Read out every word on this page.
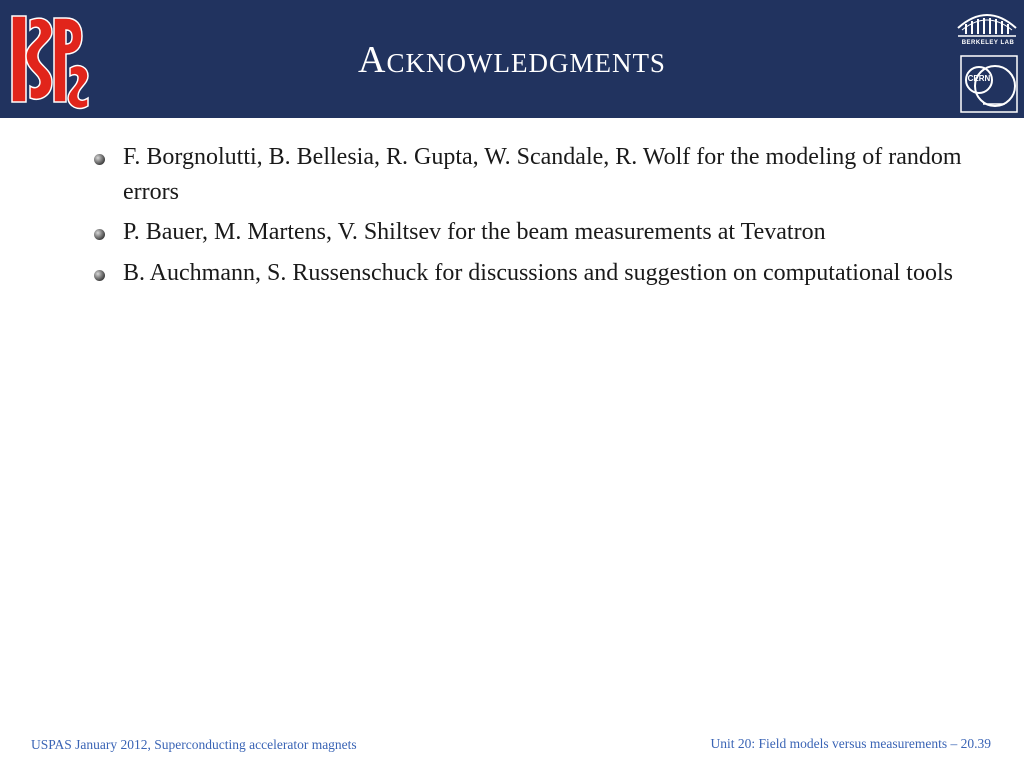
Acknowledgments	BERKELEY LAB
CERN
F. Borgnolutti, B. Bellesia, R. Gupta, W. Scandale, R. Wolf for the modeling of random errors
P. Bauer, M. Martens, V. Shiltsev for the beam measurements at Tevatron
B. Auchmann, S. Russenschuck for discussions and suggestion on computational tools
USPAS January 2012, Superconducting accelerator magnets	Unit 20: Field models versus measurements – 20.39
